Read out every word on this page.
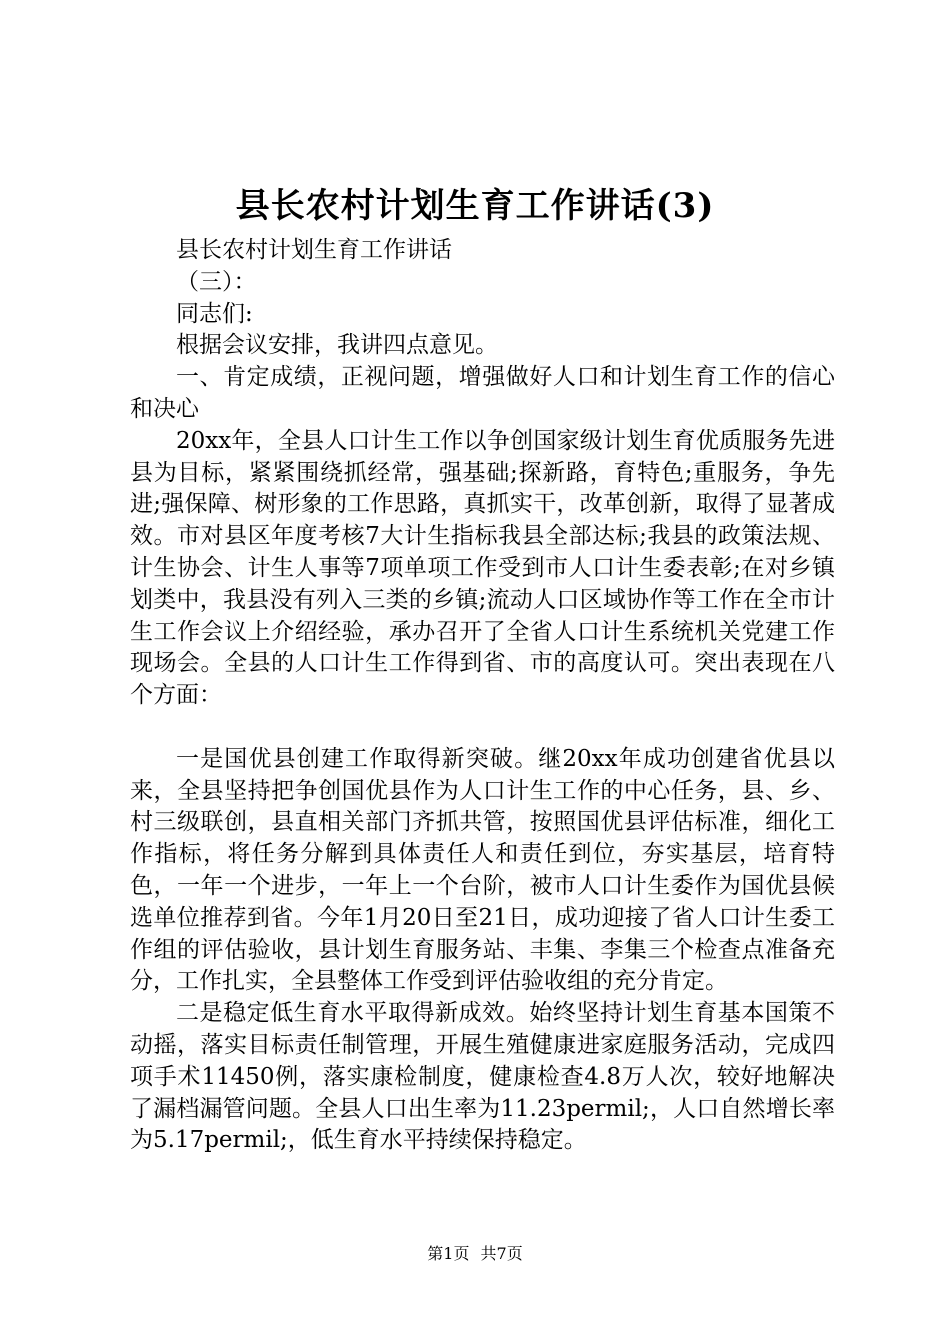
县长农村计划生育工作讲话(3)

县长农村计划生育工作讲话

（三）：

同志们:

根据会议安排，我讲四点意见。

一、肯定成绩，正视问题，增强做好人口和计划生育工作的信心和决心

20xx年，全县人口计生工作以争创国家级计划生育优质服务先进县为目标，紧紧围绕抓经常，强基础;探新路，育特色;重服务，争先进;强保障、树形象的工作思路，真抓实干，改革创新，取得了显著成效。市对县区年度考核7大计生指标我县全部达标;我县的政策法规、计生协会、计生人事等7项单项工作受到市人口计生委表彰;在对乡镇划类中，我县没有列入三类的乡镇;流动人口区域协作等工作在全市计生工作会议上介绍经验，承办召开了全省人口计生系统机关党建工作现场会。全县的人口计生工作得到省、市的高度认可。突出表现在八个方面：

一是国优县创建工作取得新突破。继20xx年成功创建省优县以来，全县坚持把争创国优县作为人口计生工作的中心任务，县、乡、村三级联创，县直相关部门齐抓共管，按照国优县评估标准，细化工作指标，将任务分解到具体责任人和责任到位，夯实基层，培育特色，一年一个进步，一年上一个台阶，被市人口计生委作为国优县候选单位推荐到省。今年1月20日至21日，成功迎接了省人口计生委工作组的评估验收，县计划生育服务站、丰集、李集三个检查点准备充分，工作扎实，全县整体工作受到评估验收组的充分肯定。

二是稳定低生育水平取得新成效。始终坚持计划生育基本国策不动摇，落实目标责任制管理，开展生殖健康进家庭服务活动，完成四项手术11450例，落实康检制度，健康检查4.8万人次，较好地解决了漏档漏管问题。全县人口出生率为11.23permil;，人口自然增长率为5.17permil;，低生育水平持续保持稳定。

第1页 共7页
